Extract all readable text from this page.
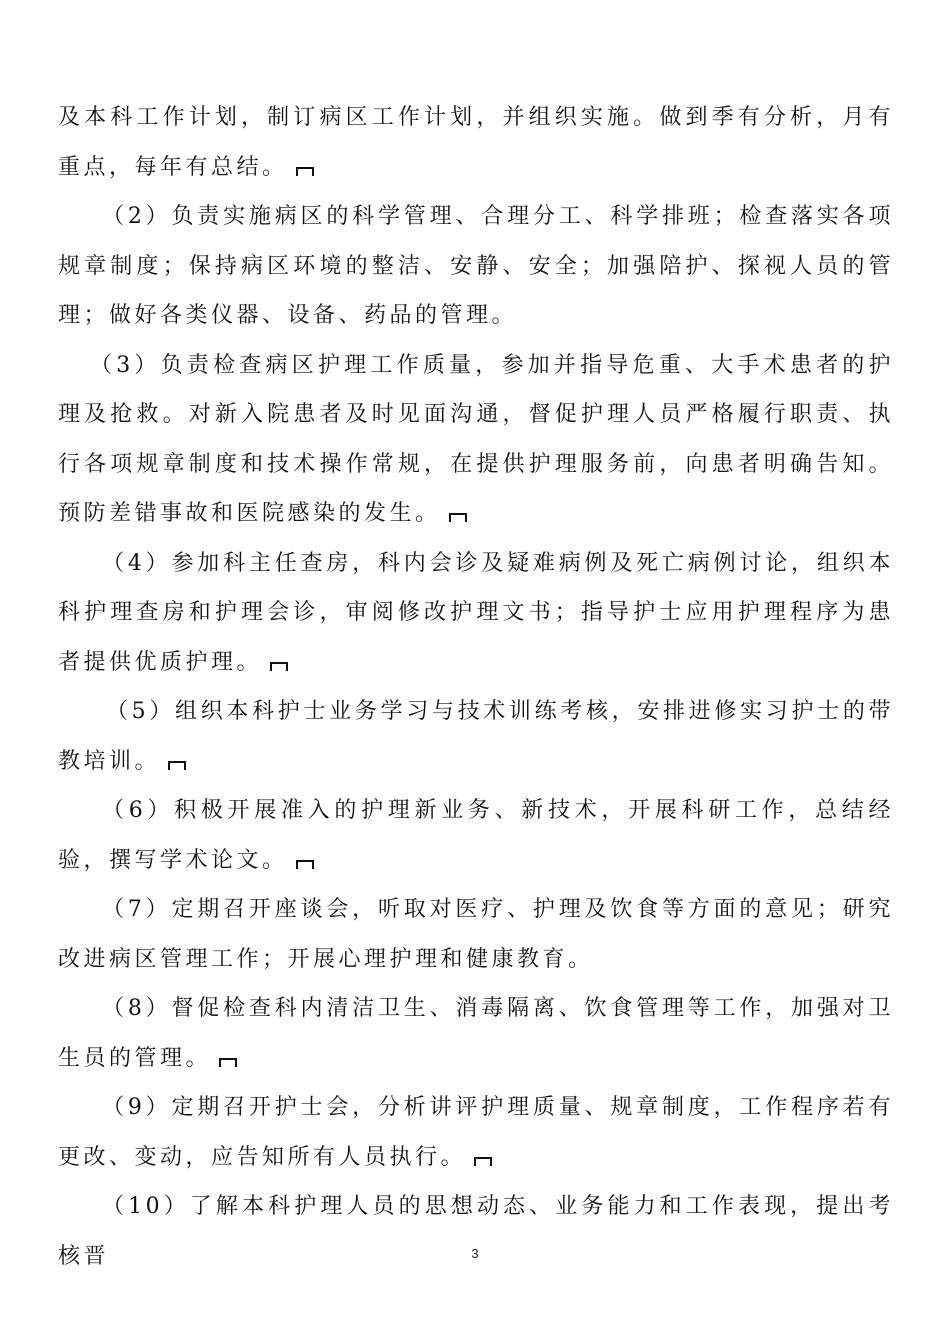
及本科工作计划，制订病区工作计划，并组织实施。做到季有分析，月有重点，每年有总结。

（2）负责实施病区的科学管理、合理分工、科学排班；检查落实各项规章制度；保持病区环境的整洁、安静、安全；加强陪护、探视人员的管理；做好各类仪器、设备、药品的管理。

（3）负责检查病区护理工作质量，参加并指导危重、大手术患者的护理及抢救。对新入院患者及时见面沟通，督促护理人员严格履行职责、执行各项规章制度和技术操作常规，在提供护理服务前，向患者明确告知。预防差错事故和医院感染的发生。

（4）参加科主任查房，科内会诊及疑难病例及死亡病例讨论，组织本科护理查房和护理会诊，审阅修改护理文书；指导护士应用护理程序为患者提供优质护理。

（5）组织本科护士业务学习与技术训练考核，安排进修实习护士的带教培训。

（6）积极开展准入的护理新业务、新技术，开展科研工作，总结经验，撰写学术论文。

（7）定期召开座谈会，听取对医疗、护理及饮食等方面的意见；研究改进病区管理工作；开展心理护理和健康教育。

（8）督促检查科内清洁卫生、消毒隔离、饮食管理等工作，加强对卫生员的管理。

（9）定期召开护士会，分析讲评护理质量、规章制度，工作程序若有更改、变动，应告知所有人员执行。

（10）了解本科护理人员的思想动态、业务能力和工作表现，提出考核晋	3
